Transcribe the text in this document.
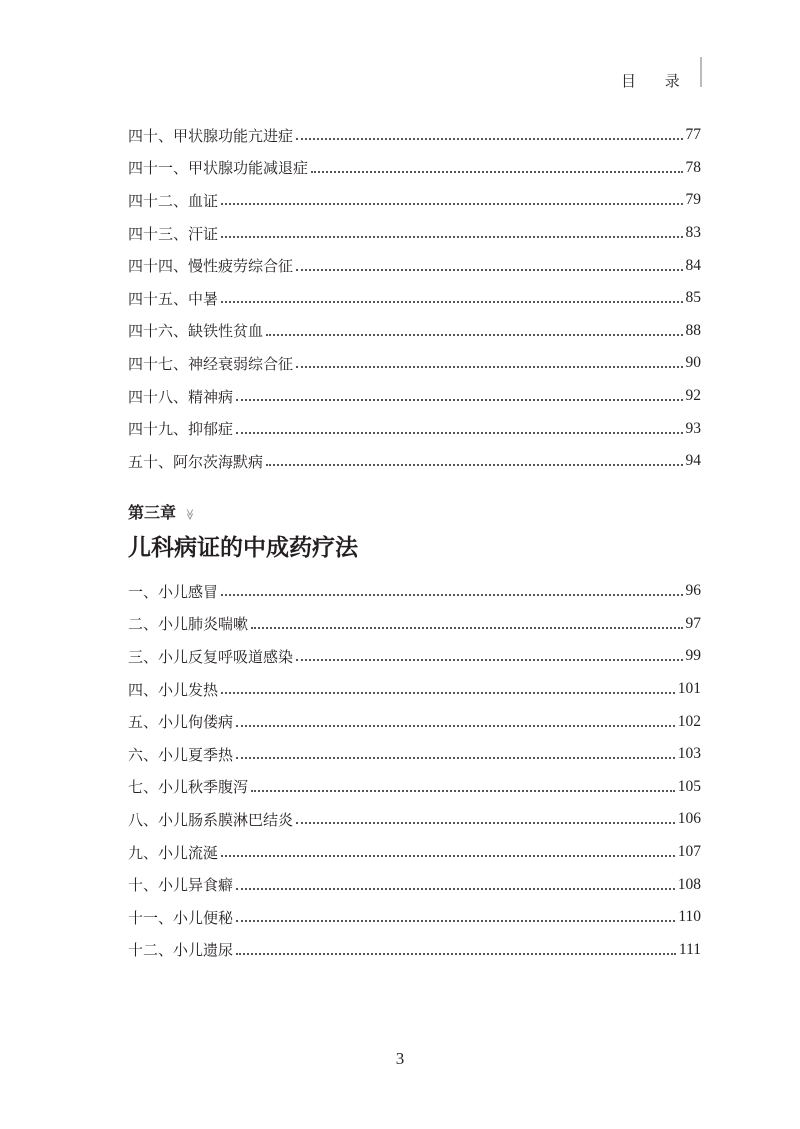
目 录
四十、甲状腺功能亢进症	77
四十一、甲状腺功能减退症	78
四十二、血证	79
四十三、汗证	83
四十四、慢性疲劳综合征	84
四十五、中暑	85
四十六、缺铁性贫血	88
四十七、神经衰弱综合征	90
四十八、精神病	92
四十九、抑郁症	93
五十、阿尔茨海默病	94
第三章 ≫
儿科病证的中成药疗法
一、小儿感冒	96
二、小儿肺炎喘嗽	97
三、小儿反复呼吸道感染	99
四、小儿发热	101
五、小儿佝偻病	102
六、小儿夏季热	103
七、小儿秋季腹泻	105
八、小儿肠系膜淋巴结炎	106
九、小儿流涎	107
十、小儿异食癖	108
十一、小儿便秘	110
十二、小儿遗尿	111
3
